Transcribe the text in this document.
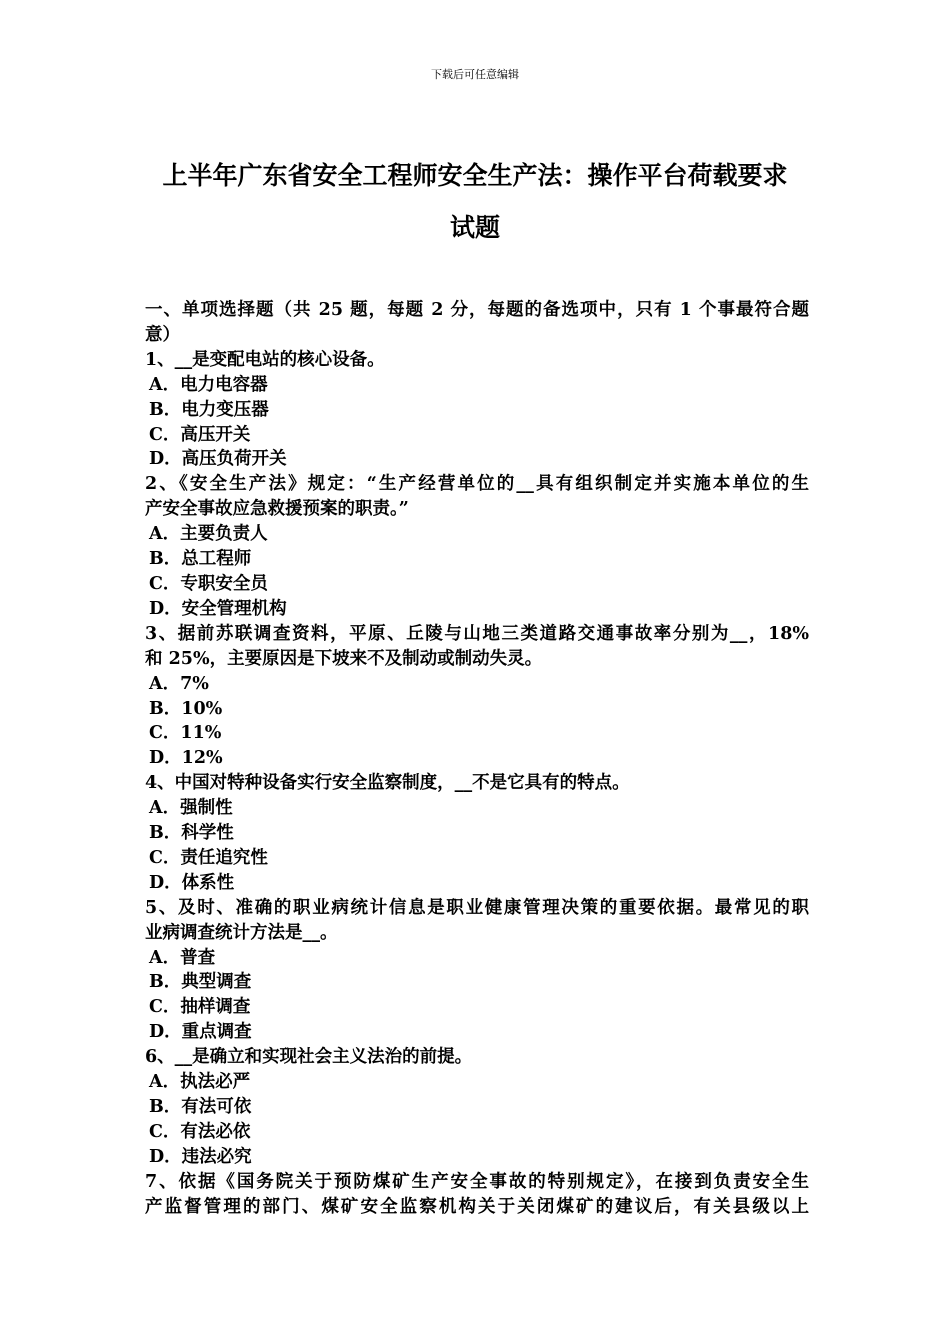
下载后可任意编辑
上半年广东省安全工程师安全生产法：操作平台荷载要求
试题
一、单项选择题（共 25 题，每题 2 分，每题的备选项中，只有 1 个事最符合题
意）
1、__是变配电站的核心设备。
A．电力电容器
B．电力变压器
C．高压开关
D．高压负荷开关
2、《安全生产法》规定：“生产经营单位的__具有组织制定并实施本单位的生
产安全事故应急救援预案的职责。”
A．主要负责人
B．总工程师
C．专职安全员
D．安全管理机构
3、据前苏联调查资料，平原、丘陵与山地三类道路交通事故率分别为__，18%
和 25%，主要原因是下坡来不及制动或制动失灵。
A．7%
B．10%
C．11%
D．12%
4、中国对特种设备实行安全监察制度，__不是它具有的特点。
A．强制性
B．科学性
C．责任追究性
D．体系性
5、及时、准确的职业病统计信息是职业健康管理决策的重要依据。最常见的职
业病调查统计方法是__。
A．普查
B．典型调查
C．抽样调查
D．重点调查
6、__是确立和实现社会主义法治的前提。
A．执法必严
B．有法可依
C．有法必依
D．违法必究
7、依据《国务院关于预防煤矿生产安全事故的特别规定》，在接到负责安全生
产监督管理的部门、煤矿安全监察机构关于关闭煤矿的建议后，有关县级以上
